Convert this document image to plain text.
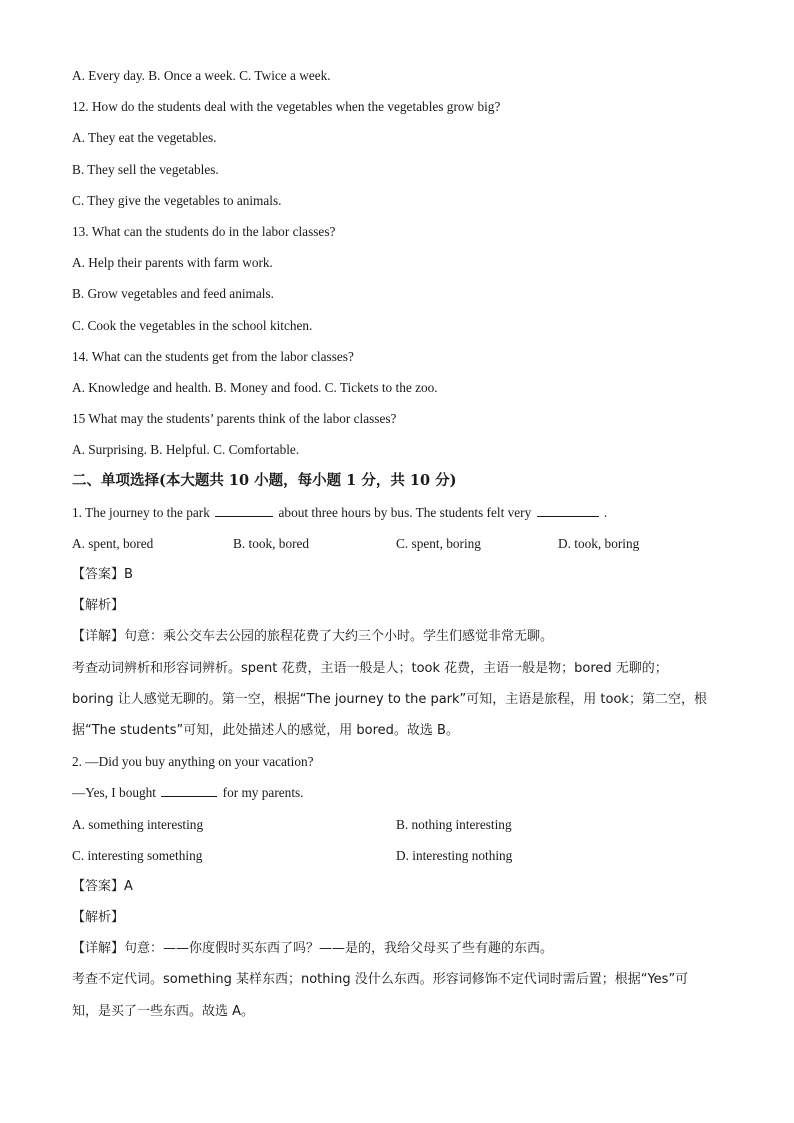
A. Every day. B. Once a week. C. Twice a week.
12. How do the students deal with the vegetables when the vegetables grow big?
A. They eat the vegetables.
B. They sell the vegetables.
C. They give the vegetables to animals.
13. What can the students do in the labor classes?
A. Help their parents with farm work.
B. Grow vegetables and feed animals.
C. Cook the vegetables in the school kitchen.
14. What can the students get from the labor classes?
A. Knowledge and health. B. Money and food. C. Tickets to the zoo.
15 What may the students’ parents think of the labor classes?
A. Surprising. B. Helpful. C. Comfortable.
二、单项选择(本大题共 10 小题，每小题 1 分，共 10 分)
1. The journey to the park	about three hours by bus. The students felt very	.
A. spent, bored	B. took, bored	C. spent, boring	D. took, boring
【答案】B
【解析】
【详解】句意：乘公交车去公园的旅程花费了大约三个小时。学生们感觉非常无聊。
考查动词辨析和形容词辨析。spent 花费，主语一般是人；took 花费，主语一般是物；bored 无聊的；
boring 让人感觉无聊的。第一空，根据“The journey to the park”可知，主语是旅程，用 took；第二空，根
据“The students”可知，此处描述人的感觉，用 bored。故选 B。
2. —Did you buy anything on your vacation?
—Yes, I bought	for my parents.
A. something interesting	B. nothing interesting
C. interesting something	D. interesting nothing
【答案】A
【解析】
【详解】句意：——你度假时买东西了吗？——是的，我给父母买了些有趣的东西。
考查不定代词。something 某样东西；nothing 没什么东西。形容词修饰不定代词时需后置；根据“Yes”可
知，是买了一些东西。故选 A。
